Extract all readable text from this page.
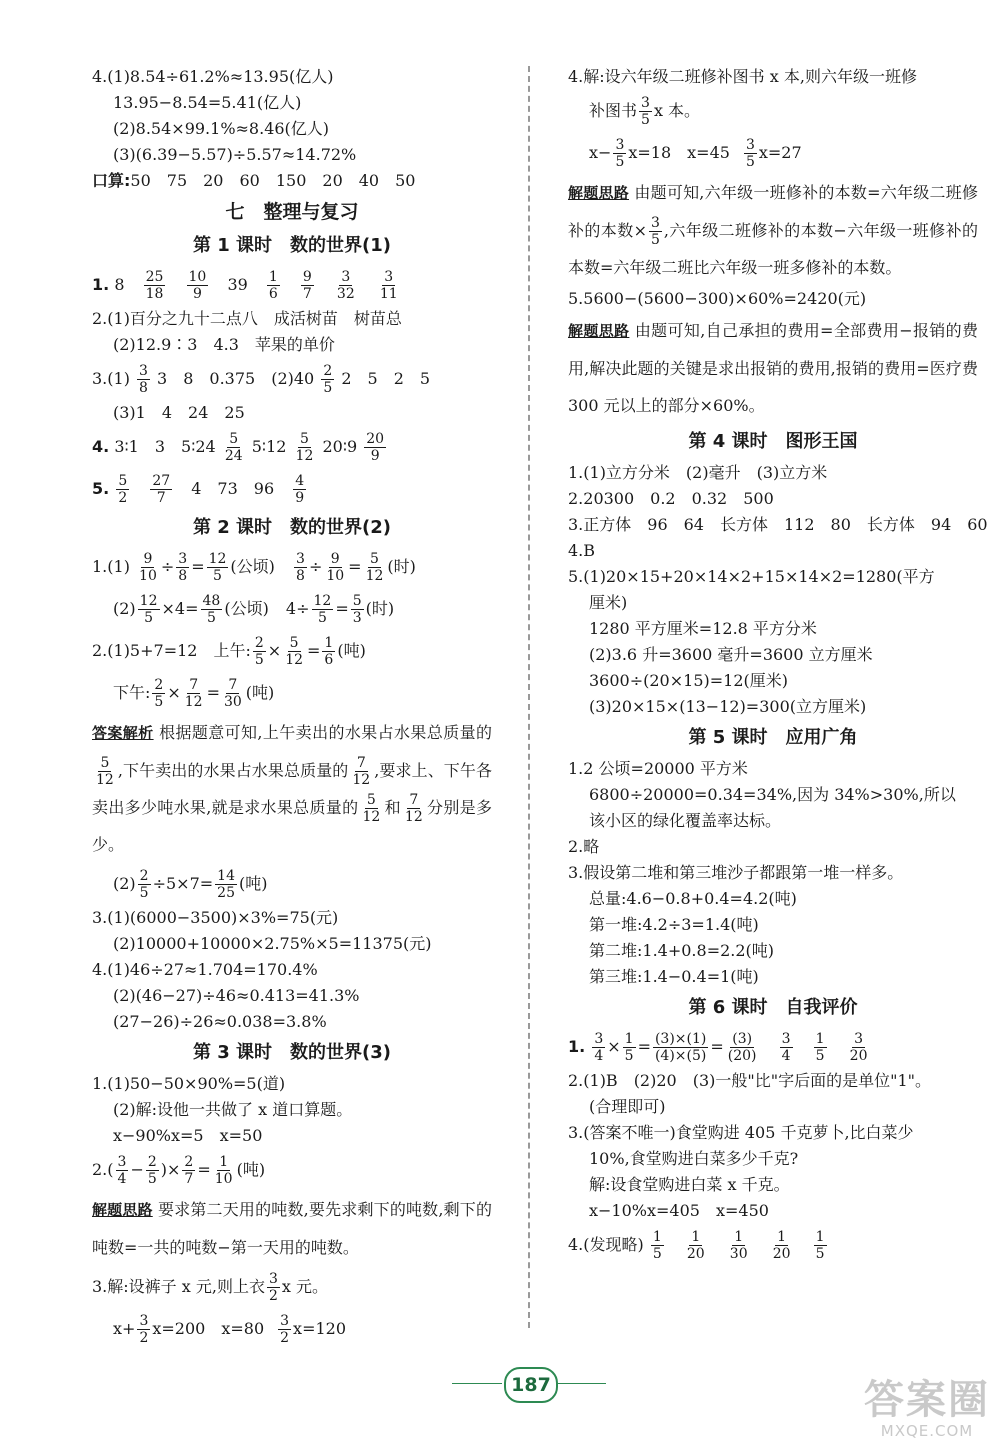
4.(1)8.54÷61.2%≈13.95(亿人)
13.95−8.54=5.41(亿人)
(2)8.54×99.1%≈8.46(亿人)
(3)(6.39−5.57)÷5.57≈14.72%
口算:50　75　20　60　150　20　40　50
七　整理与复习
第 1 课时　数的世界(1)
1. $8 \frac{25}{18}$
$\frac{10}{9} 39 \frac{1}{6}$
$\frac{9}{7}$
$\frac{3}{32}$
$\frac{3}{11}$
2.(1)百分之九十二点八　成活树苗　树苗总
(2)12.9∶3　4.3　苹果的单价
$3.(1) \frac{3}{8} 3$　8　0.375　$(2)40 \frac{2}{5} 2$　5　2　5
(3)1　4　24　25
4. 3∶1　3　5∶24 $\frac{5}{24}$ 5∶12 $\frac{5}{12}$ 20∶9 $\frac{20}{9}$
5. $\frac{5}{2}$
$\frac{27}{7} 4$　73　$96 \frac{4}{9}$
第 2 课时　数的世界(2)
$1.(1) \frac{9}{10} \div \frac{3}{8} = \frac{12}{5}$ (公顷) $\frac{3}{8} \div \frac{9}{10} = \frac{5}{12}$ (时)
$(2) \frac{12}{5} \times 4= \frac{48}{5}$ (公顷) $4\div \frac{12}{5} = \frac{5}{3}$ (时)
2.(1)5+7=12　上午: $\frac{2}{5} \times \frac{5}{12} = \frac{1}{6}$ (吨)
下午: $\frac{2}{5} \times \frac{7}{12} = \frac{7}{30}$ (吨)
答案解析 根据题意可知,上午卖出的水果占水果总质量的
$\frac{5}{12}$ ,下午卖出的水果占水果总质量的 $\frac{7}{12}$ ,要求上、下午各卖出多少吨水果,就是求水果总质量的 $\frac{5}{12}$ 和 $\frac{7}{12}$ 分别是多少。
$(2) \frac{2}{5} \div 5\times 7= \frac{14}{25}$ (吨)
3.(1)(6000−3500)×3%=75(元)
(2)10000+10000×2.75%×5=11375(元)
4.(1)46÷27≈1.704=170.4%
(2)(46−27)÷46≈0.413=41.3%
(27−26)÷26≈0.038=3.8%
第 3 课时　数的世界(3)
1.(1)50−50×90%=5(道)
(2)解:设他一共做了 x 道口算题。
x−90%x=5　x=50
$2.( \frac{3}{4} - \frac{2}{5}$ )× $\frac{2}{7} = \frac{1}{10}$ (吨)
解题思路 要求第二天用的吨数,要先求剩下的吨数,剩下的吨数=一共的吨数−第一天用的吨数。
3.解:设裤子 x 元,则上衣 $\frac{3}{2}$ x 元。
$x+ \frac{3}{2} x=200$　$x=80 \frac{3}{2} x=120$
4.解:设六年级二班修补图书 x 本,则六年级一班修
补图书 $\frac{3}{5}$ x 本。
$x- \frac{3}{5} x=18$　$x=45 \frac{3}{5} x=27$
解题思路 由题可知,六年级一班修补的本数=六年级二班修补的本数× $\frac{3}{5}$ ,六年级二班修补的本数−六年级一班修补的本数=六年级二班比六年级一班多修补的本数。
5.5600−(5600−300)×60%=2420(元)
解题思路 由题可知,自己承担的费用=全部费用−报销的费用,解决此题的关键是求出报销的费用,报销的费用=医疗费 300 元以上的部分×60%。
第 4 课时　图形王国
1.(1)立方分米　(2)毫升　(3)立方米
2.20300　0.2　0.32　500
3.正方体　96　64　长方体　112　80　长方体　94　60
4.B
5.(1)20×15+20×14×2+15×14×2=1280(平方
厘米)
1280 平方厘米=12.8 平方分米
(2)3.6 升=3600 毫升=3600 立方厘米
3600÷(20×15)=12(厘米)
(3)20×15×(13−12)=300(立方厘米)
第 5 课时　应用广角
1.2 公顷=20000 平方米
6800÷20000=0.34=34%,因为 34%>30%,所以
该小区的绿化覆盖率达标。
2.略
3.假设第二堆和第三堆沙子都跟第一堆一样多。
总量:4.6−0.8+0.4=4.2(吨)
第一堆:4.2÷3=1.4(吨)
第二堆:1.4+0.8=2.2(吨)
第三堆:1.4−0.4=1(吨)
第 6 课时　自我评价
1. $\frac{3}{4} \times \frac{1}{5} = \frac{(3)\times(1)}{(4)\times(5)} = \frac{(3)}{(20)}$
$\frac{3}{4}$
$\frac{1}{5}$
$\frac{3}{20}$
2.(1)B　(2)20　(3)一般"比"字后面的是单位"1"。
(合理即可)
3.(答案不唯一)食堂购进 405 千克萝卜,比白菜少
10%,食堂购进白菜多少千克?
解:设食堂购进白菜 x 千克。
x−10%x=405　x=450
4.(发现略) $\frac{1}{5}$
$\frac{1}{20}$
$\frac{1}{30}$
$\frac{1}{20}$
$\frac{1}{5}$
187	答案圈
MXQE.COM
